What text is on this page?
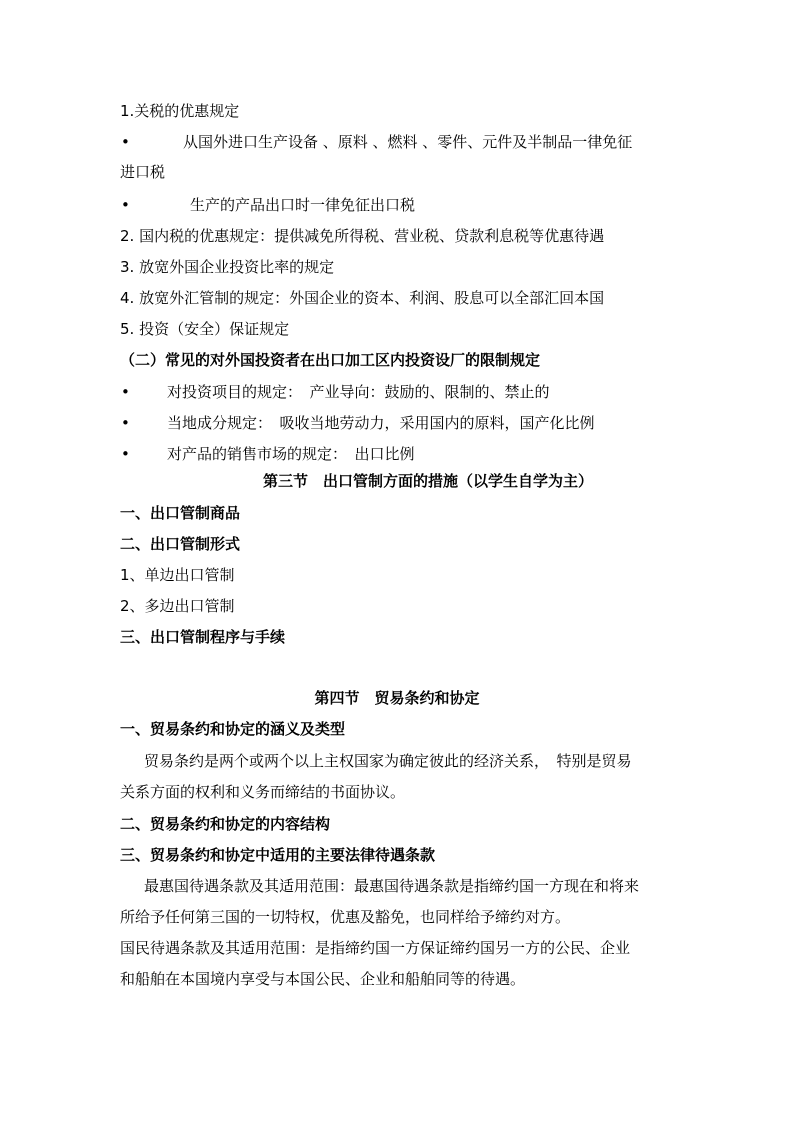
1.关税的优惠规定
•	从国外进口生产设备 、原料 、燃料 、零件、元件及半制品一律免征
进口税
•	生产的产品出口时一律免征出口税
2. 国内税的优惠规定：提供减免所得税、营业税、贷款利息税等优惠待遇
3. 放宽外国企业投资比率的规定
4. 放宽外汇管制的规定：外国企业的资本、利润、股息可以全部汇回本国
5. 投资（安全）保证规定
（二）常见的对外国投资者在出口加工区内投资设厂的限制规定
• 对投资项目的规定：　产业导向：鼓励的、限制的、禁止的
• 当地成分规定：　吸收当地劳动力，采用国内的原料，国产化比例
• 对产品的销售市场的规定：　出口比例
第三节　出口管制方面的措施（以学生自学为主）
一、出口管制商品
二、出口管制形式
1、单边出口管制
2、多边出口管制
三、出口管制程序与手续
第四节　贸易条约和协定
一、贸易条约和协定的涵义及类型
贸易条约是两个或两个以上主权国家为确定彼此的经济关系，　特别是贸易
关系方面的权利和义务而缔结的书面协议。
二、贸易条约和协定的内容结构
三、贸易条约和协定中适用的主要法律待遇条款
最惠国待遇条款及其适用范围：最惠国待遇条款是指缔约国一方现在和将来
所给予任何第三国的一切特权，优惠及豁免，也同样给予缔约对方。
国民待遇条款及其适用范围：是指缔约国一方保证缔约国另一方的公民、企业
和船舶在本国境内享受与本国公民、企业和船舶同等的待遇。
